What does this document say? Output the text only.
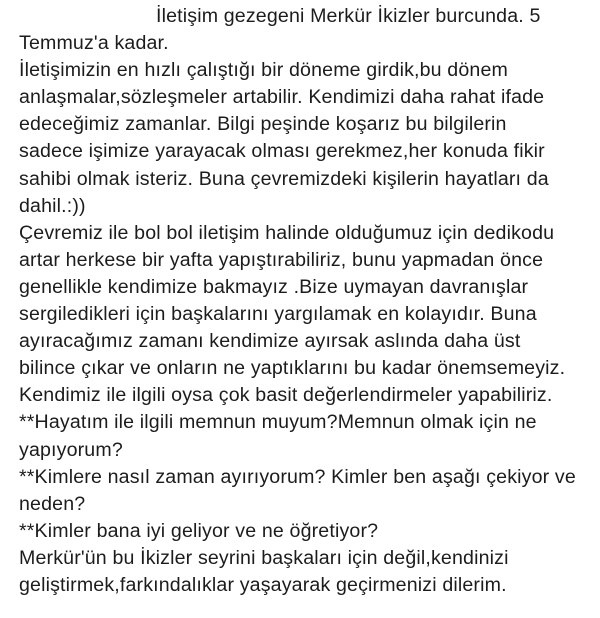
İletişim gezegeni Merkür İkizler burcunda. 5
Temmuz'a kadar.
İletişimizin en hızlı çalıştığı bir döneme girdik,bu dönem
anlaşmalar,sözleşmeler artabilir. Kendimizi daha rahat ifade
edeceğimiz zamanlar. Bilgi peşinde koşarız bu bilgilerin
sadece işimize yarayacak olması gerekmez,her konuda fikir
sahibi olmak isteriz. Buna çevremizdeki kişilerin hayatları da
dahil.:))
Çevremiz ile bol bol iletişim halinde olduğumuz için dedikodu
artar herkese bir yafta yapıştırabiliriz, bunu yapmadan önce
genellikle kendimize bakmayız .Bize uymayan davranışlar
sergiledikleri için başkalarını yargılamak en kolayıdır. Buna
ayıracağımız zamanı kendimize ayırsak aslında daha üst
bilince çıkar ve onların ne yaptıklarını bu kadar önemsemeyiz.
Kendimiz ile ilgili oysa çok basit değerlendirmeler yapabiliriz.
**Hayatım ile ilgili memnun muyum?Memnun olmak için ne
yapıyorum?
**Kimlere nasıl zaman ayırıyorum? Kimler ben aşağı çekiyor ve
neden?
**Kimler bana iyi geliyor ve ne öğretiyor?
Merkür'ün bu İkizler seyrini başkaları için değil,kendinizi
geliştirmek,farkındalıklar yaşayarak geçirmenizi dilerim.
